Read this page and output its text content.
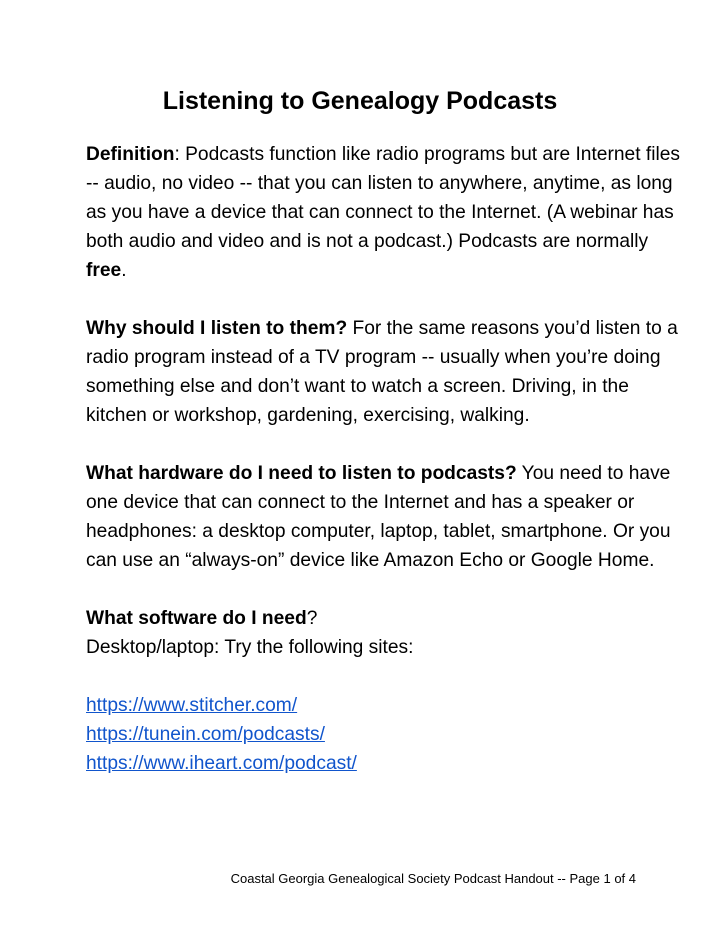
Listening to Genealogy Podcasts

Definition: Podcasts function like radio programs but are Internet files -- audio, no video -- that you can listen to anywhere, anytime, as long as you have a device that can connect to the Internet. (A webinar has both audio and video and is not a podcast.) Podcasts are normally free.

Why should I listen to them? For the same reasons you’d listen to a radio program instead of a TV program -- usually when you’re doing something else and don’t want to watch a screen. Driving, in the kitchen or workshop, gardening, exercising, walking.

What hardware do I need to listen to podcasts? You need to have one device that can connect to the Internet and has a speaker or headphones: a desktop computer, laptop, tablet, smartphone. Or you can use an “always-on” device like Amazon Echo or Google Home.

What software do I need?

Desktop/laptop: Try the following sites:

https://www.stitcher.com/
https://tunein.com/podcasts/
https://www.iheart.com/podcast/
Coastal Georgia Genealogical Society Podcast Handout -- Page 1 of 4
